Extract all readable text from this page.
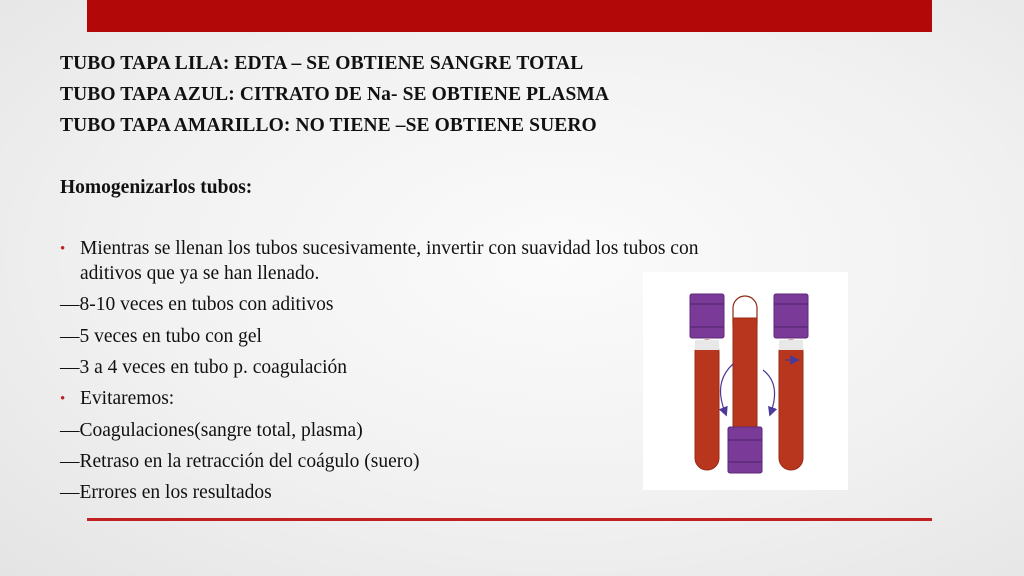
TUBO TAPA LILA: EDTA – SE OBTIENE SANGRE TOTAL
TUBO TAPA AZUL: CITRATO DE Na- SE OBTIENE PLASMA
TUBO TAPA AMARILLO: NO TIENE –SE OBTIENE SUERO
Homogenizarlos tubos:
• Mientras se llenan los tubos sucesivamente, invertir con suavidad los tubos con
aditivos que ya se han llenado.
—8-10 veces en tubos con aditivos
—5 veces en tubo con gel
—3 a 4 veces en tubo p. coagulación
• Evitaremos:
—Coagulaciones(sangre total, plasma)
—Retraso en la retracción del coágulo (suero)
—Errores en los resultados
